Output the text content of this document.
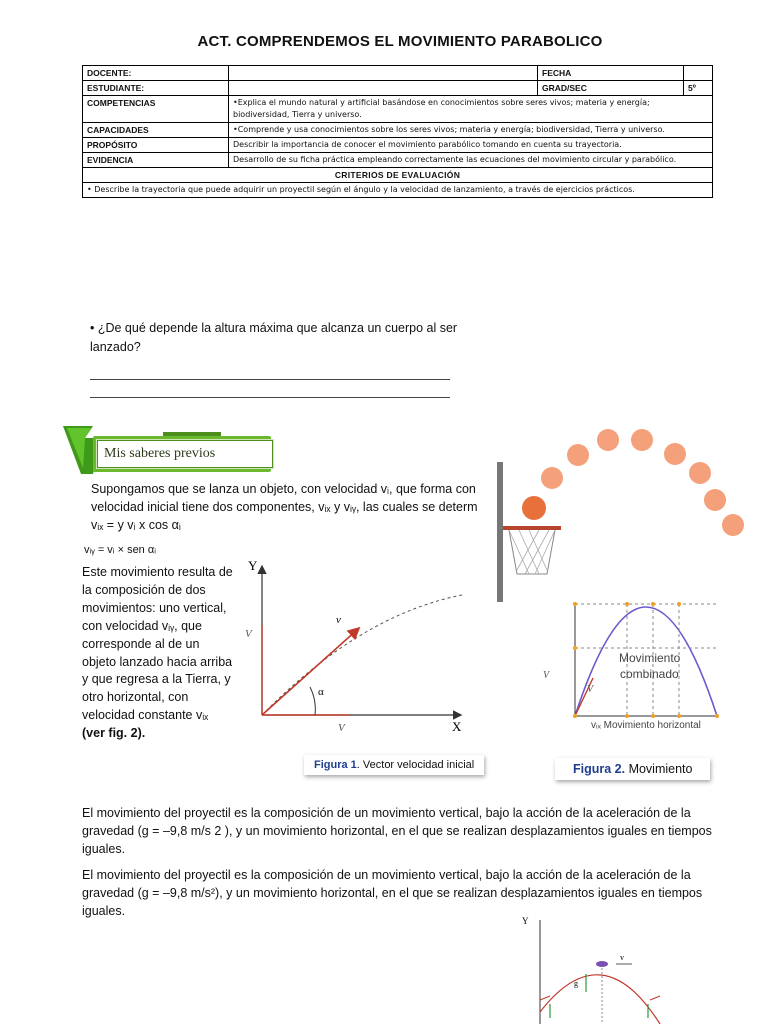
ACT. COMPRENDEMOS EL MOVIMIENTO PARABOLICO
DOCENTE:		FECHA	
ESTUDIANTE:		GRAD/SEC	5º
COMPETENCIAS	•Explica el mundo natural y artificial basándose en conocimientos sobre seres vivos; materia y energía; biodiversidad, Tierra y universo.		
CAPACIDADES	•Comprende y usa conocimientos sobre los seres vivos; materia y energía; biodiversidad, Tierra y universo.		
PROPÓSITO	Describir la importancia de conocer el movimiento parabólico tomando en cuenta su trayectoria.		
EVIDENCIA	Desarrollo de su ficha práctica empleando correctamente las ecuaciones del movimiento circular y parabólico.		
CRITERIOS DE EVALUACIÓN			
• Describe la trayectoria que puede adquirir un proyectil según el ángulo y la velocidad de lanzamiento, a través de ejercicios prácticos.			
• ¿De qué depende la altura máxima que alcanza un cuerpo al ser lanzado?
Mis saberes previos
Supongamos que se lanza un objeto, con velocidad vᵢ, que forma con
velocidad inicial tiene dos componentes, vᵢₓ y vᵢᵧ, las cuales se determ
vᵢₓ = y vᵢ x cos αᵢ
vᵢᵧ = vᵢ × sen αᵢ
Este movimiento resulta de la composición de dos movimientos: uno vertical, con velocidad vᵢᵧ, que corresponde al de un objeto lanzado hacia arriba y que regresa a la Tierra, y otro horizontal, con velocidad constante vᵢₓ (ver fig. 2).
Y
X
v
V
V
α
Figura 1. Vector velocidad inicial
Movimiento
combinado
V
V
vᵢₓ Movimiento horizontal
Figura 2. Movimiento
El movimiento del proyectil es la composición de un movimiento vertical, bajo la acción de la aceleración de la gravedad (g = –9,8 m/s 2 ), y un movimiento horizontal, en el que se realizan desplazamientos iguales en tiempos iguales.
El movimiento del proyectil es la composición de un movimiento vertical, bajo la acción de la aceleración de la gravedad (g = –9,8 m/s²), y un movimiento horizontal, en el que se realizan desplazamientos iguales en tiempos iguales.
Y
v
g
